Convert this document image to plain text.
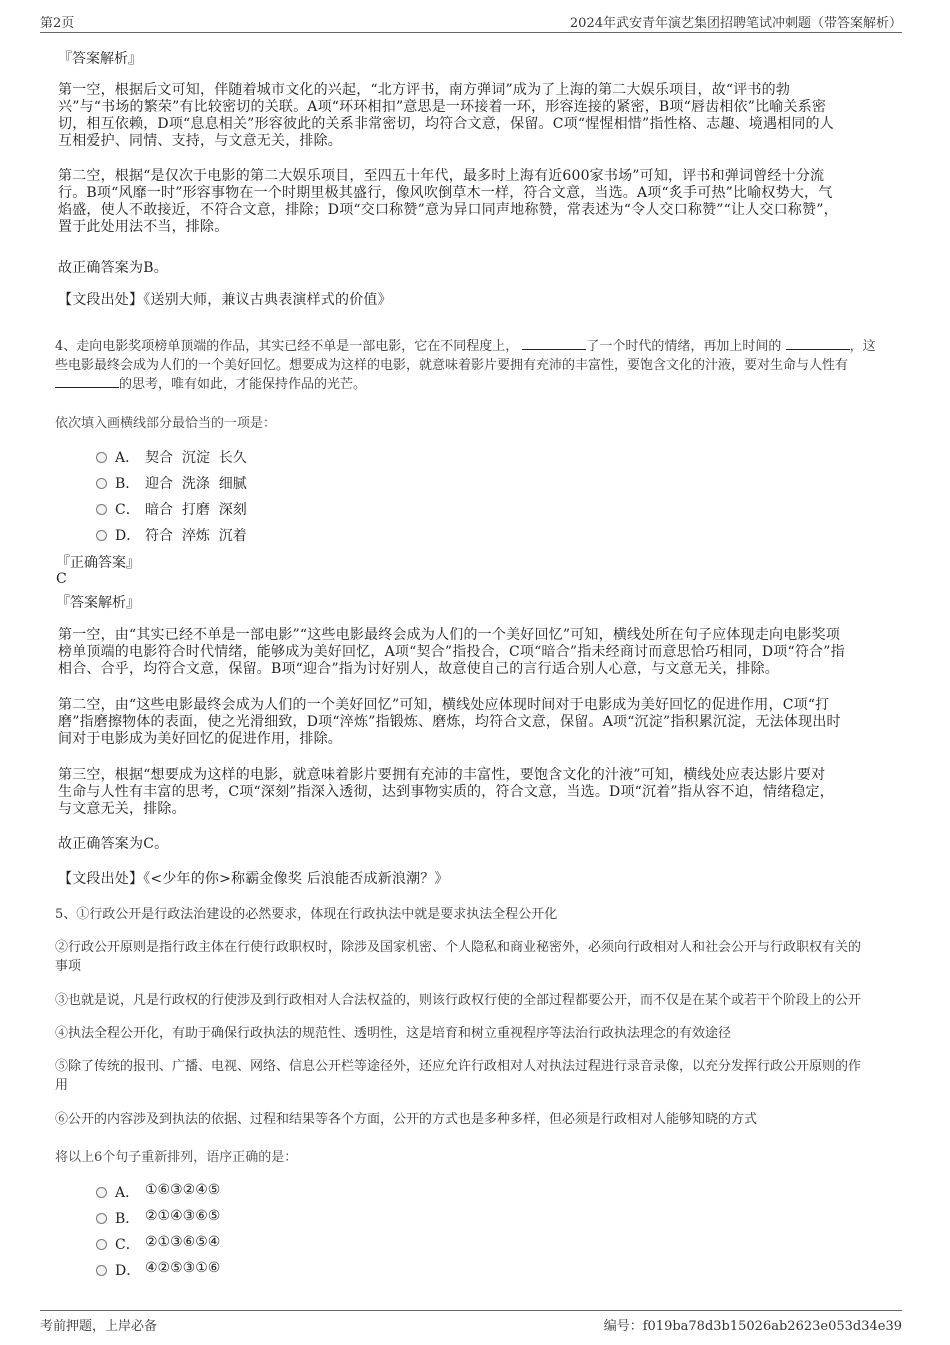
第2页	2024年武安青年演艺集团招聘笔试冲刺题（带答案解析）
『答案解析』
第一空，根据后文可知，伴随着城市文化的兴起，“北方评书，南方弹词”成为了上海的第二大娱乐项目，故“评书的勃
兴”与“书场的繁荣”有比较密切的关联。A项“环环相扣”意思是一环接着一环，形容连接的紧密，B项“唇齿相依”比喻关系密
切，相互依赖，D项“息息相关”形容彼此的关系非常密切，均符合文意，保留。C项“惺惺相惜”指性格、志趣、境遇相同的人
互相爱护、同情、支持，与文意无关，排除。
第二空，根据“是仅次于电影的第二大娱乐项目，至四五十年代，最多时上海有近600家书场”可知，评书和弹词曾经十分流
行。B项“风靡一时”形容事物在一个时期里极其盛行，像风吹倒草木一样，符合文意，当选。A项“炙手可热”比喻权势大，气
焰盛，使人不敢接近，不符合文意，排除；D项“交口称赞”意为异口同声地称赞，常表述为“令人交口称赞”“让人交口称赞”，
置于此处用法不当，排除。
故正确答案为B。
【文段出处】《送别大师，兼议古典表演样式的价值》
4、走向电影奖项榜单顶端的作品，其实已经不单是一部电影，它在不同程度上，	了一个时代的情绪，再加上时间的	，这
些电影最终会成为人们的一个美好回忆。想要成为这样的电影，就意味着影片要拥有充沛的丰富性，要饱含文化的汁液，要对生命与人性有
的思考，唯有如此，才能保持作品的光芒。
依次填入画横线部分最恰当的一项是：
A． 契合  沉淀  长久
B． 迎合  洗涤  细腻
C． 暗合  打磨  深刻
D． 符合  淬炼  沉着
『正确答案』
C
『答案解析』
第一空，由“其实已经不单是一部电影”“这些电影最终会成为人们的一个美好回忆”可知，横线处所在句子应体现走向电影奖项
榜单顶端的电影符合时代情绪，能够成为美好回忆，A项“契合”指投合，C项“暗合”指未经商讨而意思恰巧相同，D项“符合”指
相合、合乎，均符合文意，保留。B项“迎合”指为讨好别人，故意使自己的言行适合别人心意，与文意无关，排除。
第二空，由“这些电影最终会成为人们的一个美好回忆”可知，横线处应体现时间对于电影成为美好回忆的促进作用，C项“打
磨”指磨擦物体的表面，使之光滑细致，D项“淬炼”指锻炼、磨炼，均符合文意，保留。A项“沉淀”指积累沉淀，无法体现出时
间对于电影成为美好回忆的促进作用，排除。
第三空，根据“想要成为这样的电影，就意味着影片要拥有充沛的丰富性，要饱含文化的汁液”可知，横线处应表达影片要对
生命与人性有丰富的思考，C项“深刻”指深入透彻，达到事物实质的，符合文意，当选。D项“沉着”指从容不迫，情绪稳定，
与文意无关，排除。
故正确答案为C。
【文段出处】《<少年的你>称霸金像奖 后浪能否成新浪潮？》
5、①行政公开是行政法治建设的必然要求，体现在行政执法中就是要求执法全程公开化
②行政公开原则是指行政主体在行使行政职权时，除涉及国家机密、个人隐私和商业秘密外，必须向行政相对人和社会公开与行政职权有关的
事项
③也就是说，凡是行政权的行使涉及到行政相对人合法权益的，则该行政权行使的全部过程都要公开，而不仅是在某个或若干个阶段上的公开
④执法全程公开化，有助于确保行政执法的规范性、透明性，这是培育和树立重视程序等法治行政执法理念的有效途径
⑤除了传统的报刊、广播、电视、网络、信息公开栏等途径外，还应允许行政相对人对执法过程进行录音录像，以充分发挥行政公开原则的作
用
⑥公开的内容涉及到执法的依据、过程和结果等各个方面，公开的方式也是多种多样，但必须是行政相对人能够知晓的方式
将以上6个句子重新排列，语序正确的是：
A． ①⑥③②④⑤
B． ②①④③⑥⑤
C． ②①③⑥⑤④
D． ④②⑤③①⑥
考前押题，上岸必备	编号：f019ba78d3b15026ab2623e053d34e39
